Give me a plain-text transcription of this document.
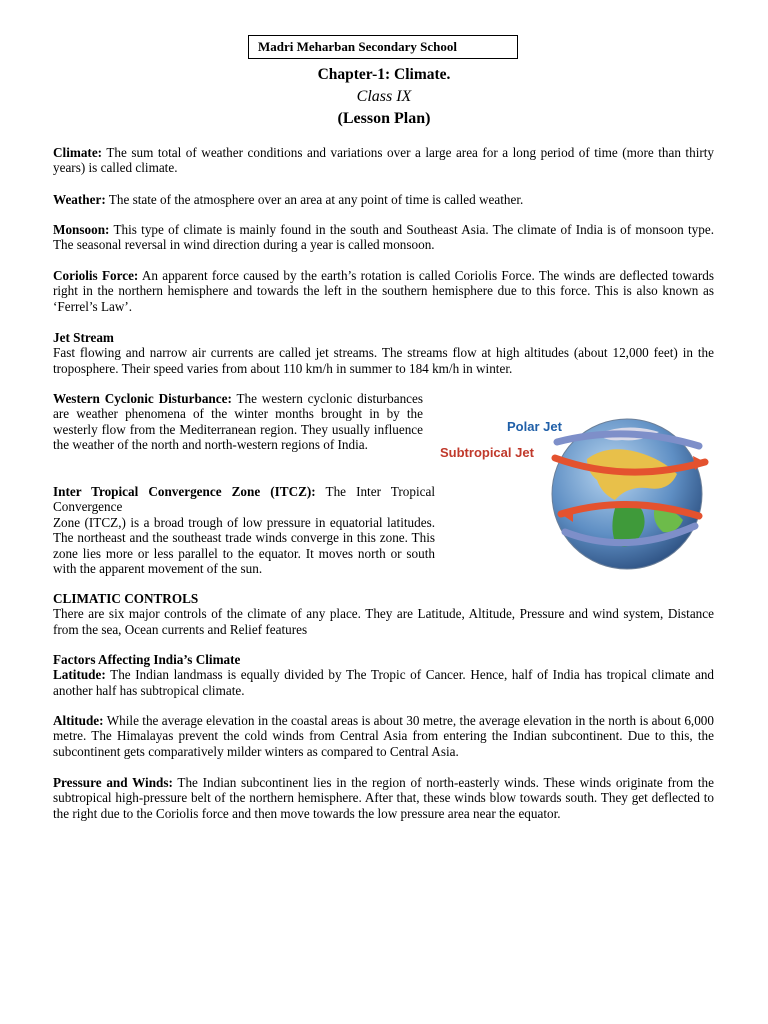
Madri Meharban Secondary School
Chapter-1: Climate.
Class IX
(Lesson Plan)

Climate: The sum total of weather conditions and variations over a large area for a long period of time (more than thirty years) is called climate.

Weather: The state of the atmosphere over an area at any point of time is called weather.

Monsoon: This type of climate is mainly found in the south and Southeast Asia. The climate of India is of monsoon type. The seasonal reversal in wind direction during a year is called monsoon.

Coriolis Force: An apparent force caused by the earth’s rotation is called Coriolis Force. The winds are deflected towards right in the northern hemisphere and towards the left in the southern hemisphere due to this force. This is also known as ‘Ferrel’s Law’.

Jet Stream
Fast flowing and narrow air currents are called jet streams. The streams flow at high altitudes (about 12,000 feet) in the troposphere. Their speed varies from about 110 km/h in summer to 184 km/h in winter.

Western Cyclonic Disturbance: The western cyclonic disturbances are weather phenomena of the winter months brought in by the westerly flow from the Mediterranean region. They usually influence the weather of the north and north-western regions of India.

Inter Tropical Convergence Zone (ITCZ): The Inter Tropical Convergence
Zone (ITCZ,) is a broad trough of low pressure in equatorial latitudes. The northeast and the southeast trade winds converge in this zone. This zone lies more or less parallel to the equator. It moves north or south with the apparent movement of the sun.

CLIMATIC CONTROLS
There are six major controls of the climate of any place. They are Latitude, Altitude, Pressure and wind system, Distance from the sea, Ocean currents and Relief features

Factors Affecting India’s Climate
Latitude: The Indian landmass is equally divided by The Tropic of Cancer. Hence, half of India has tropical climate and another half has subtropical climate.

Altitude: While the average elevation in the coastal areas is about 30 metre, the average elevation in the north is about 6,000 metre. The Himalayas prevent the cold winds from Central Asia from entering the Indian subcontinent. Due to this, the subcontinent gets comparatively milder winters as compared to Central Asia.

Pressure and Winds: The Indian subcontinent lies in the region of north-easterly winds. These winds originate from the subtropical high-pressure belt of the northern hemisphere. After that, these winds blow towards south. They get deflected to the right due to the Coriolis force and then move towards the low pressure area near the equator.

Polar Jet
Subtropical Jet
